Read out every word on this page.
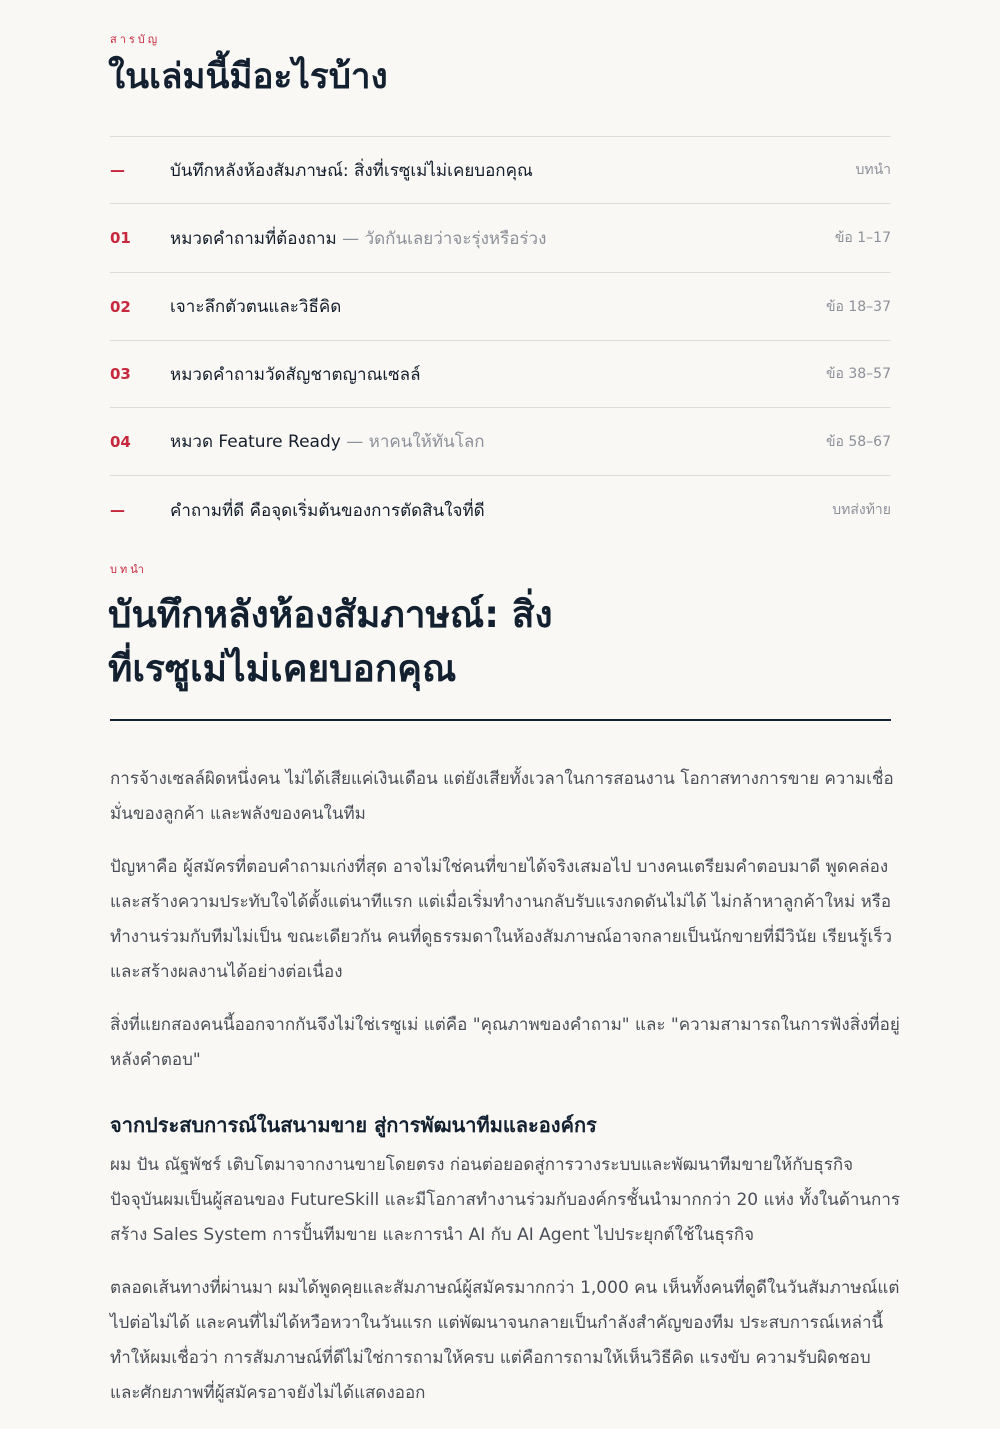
สารบัญ
ในเล่มนี้มีอะไรบ้าง
—	บันทึกหลังห้องสัมภาษณ์: สิ่งที่เรซูเม่ไม่เคยบอกคุณ	บทนำ
01	หมวดคำถามที่ต้องถาม — วัดกันเลยว่าจะรุ่งหรือร่วง	ข้อ 1–17
02	เจาะลึกตัวตนและวิธีคิด	ข้อ 18–37
03	หมวดคำถามวัดสัญชาตญาณเซลล์	ข้อ 38–57
04	หมวด Feature Ready — หาคนให้ทันโลก	ข้อ 58–67
—	คำถามที่ดี คือจุดเริ่มต้นของการตัดสินใจที่ดี	บทส่งท้าย
บทนำ
บันทึกหลังห้องสัมภาษณ์: สิ่ง
ที่เรซูเม่ไม่เคยบอกคุณ

การจ้างเซลล์ผิดหนึ่งคน ไม่ได้เสียแค่เงินเดือน แต่ยังเสียทั้งเวลาในการสอนงาน โอกาสทางการขาย ความเชื่อมั่นของลูกค้า และพลังของคนในทีม

ปัญหาคือ ผู้สมัครที่ตอบคำถามเก่งที่สุด อาจไม่ใช่คนที่ขายได้จริงเสมอไป บางคนเตรียมคำตอบมาดี พูดคล่อง และสร้างความประทับใจได้ตั้งแต่นาทีแรก แต่เมื่อเริ่มทำงานกลับรับแรงกดดันไม่ได้ ไม่กล้าหาลูกค้าใหม่ หรือทำงานร่วมกับทีมไม่เป็น ขณะเดียวกัน คนที่ดูธรรมดาในห้องสัมภาษณ์อาจกลายเป็นนักขายที่มีวินัย เรียนรู้เร็ว และสร้างผลงานได้อย่างต่อเนื่อง

สิ่งที่แยกสองคนนี้ออกจากกันจึงไม่ใช่เรซูเม่ แต่คือ "คุณภาพของคำถาม" และ "ความสามารถในการฟังสิ่งที่อยู่หลังคำตอบ"

จากประสบการณ์ในสนามขาย สู่การพัฒนาทีมและองค์กร

ผม ปัน ณัฐพัชร์ เติบโตมาจากงานขายโดยตรง ก่อนต่อยอดสู่การวางระบบและพัฒนาทีมขายให้กับธุรกิจ ปัจจุบันผมเป็นผู้สอนของ FutureSkill และมีโอกาสทำงานร่วมกับองค์กรชั้นนำมากกว่า 20 แห่ง ทั้งในด้านการสร้าง Sales System การปั้นทีมขาย และการนำ AI กับ AI Agent ไปประยุกต์ใช้ในธุรกิจ

ตลอดเส้นทางที่ผ่านมา ผมได้พูดคุยและสัมภาษณ์ผู้สมัครมากกว่า 1,000 คน เห็นทั้งคนที่ดูดีในวันสัมภาษณ์แต่ไปต่อไม่ได้ และคนที่ไม่ได้หวือหวาในวันแรก แต่พัฒนาจนกลายเป็นกำลังสำคัญของทีม ประสบการณ์เหล่านี้ทำให้ผมเชื่อว่า การสัมภาษณ์ที่ดีไม่ใช่การถามให้ครบ แต่คือการถามให้เห็นวิธีคิด แรงขับ ความรับผิดชอบ และศักยภาพที่ผู้สมัครอาจยังไม่ได้แสดงออก
